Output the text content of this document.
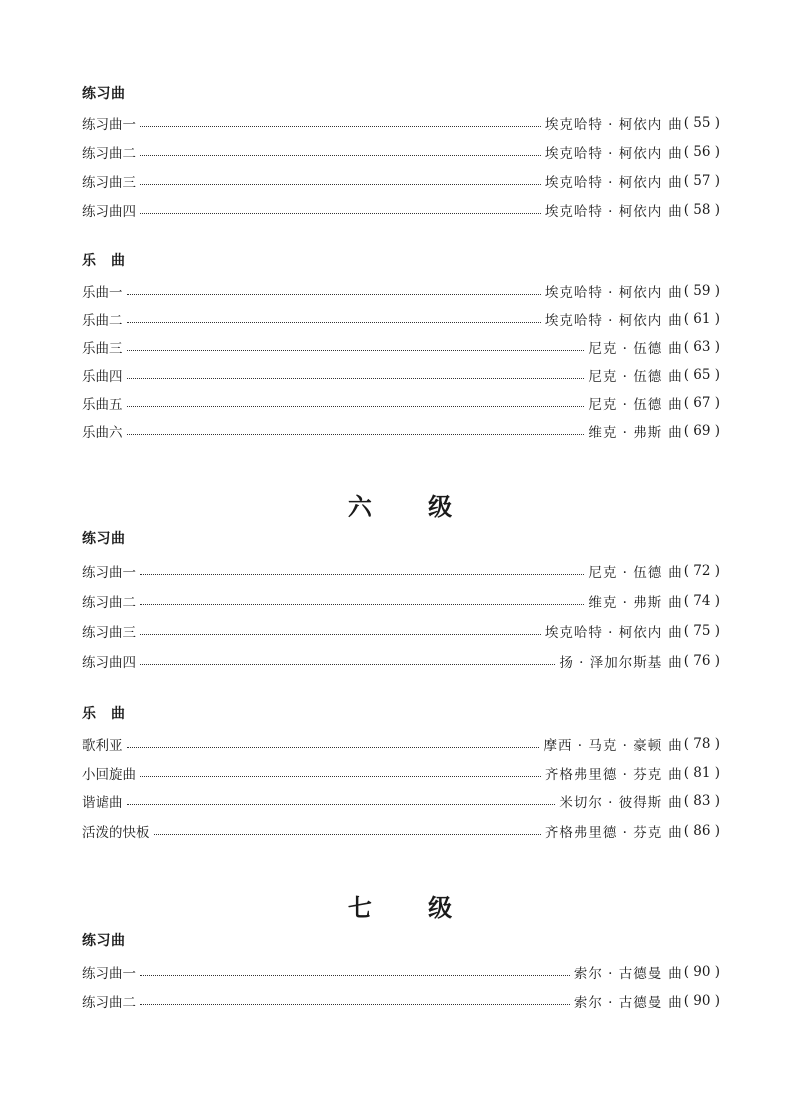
练习曲
练习曲一	埃克哈特 · 柯依内 曲 ( 55 )
练习曲二	埃克哈特 · 柯依内 曲 ( 56 )
练习曲三	埃克哈特 · 柯依内 曲 ( 57 )
练习曲四	埃克哈特 · 柯依内 曲 ( 58 )
乐　曲
乐曲一	埃克哈特 · 柯依内 曲 ( 59 )
乐曲二	埃克哈特 · 柯依内 曲 ( 61 )
乐曲三	尼克 · 伍德 曲 ( 63 )
乐曲四	尼克 · 伍德 曲 ( 65 )
乐曲五	尼克 · 伍德 曲 ( 67 )
乐曲六	维克 · 弗斯 曲 ( 69 )
六 级
练习曲
练习曲一	尼克 · 伍德 曲 ( 72 )
练习曲二	维克 · 弗斯 曲 ( 74 )
练习曲三	埃克哈特 · 柯依内 曲 ( 75 )
练习曲四	扬 · 泽加尔斯基 曲 ( 76 )
乐　曲
歌利亚	摩西 · 马克 · 豪顿 曲 ( 78 )
小回旋曲	齐格弗里德 · 芬克 曲 ( 81 )
谐谑曲	米切尔 · 彼得斯 曲 ( 83 )
活泼的快板	齐格弗里德 · 芬克 曲 ( 86 )
七 级
练习曲
练习曲一	索尔 · 古德曼 曲 ( 90 )
练习曲二	索尔 · 古德曼 曲 ( 90 )
